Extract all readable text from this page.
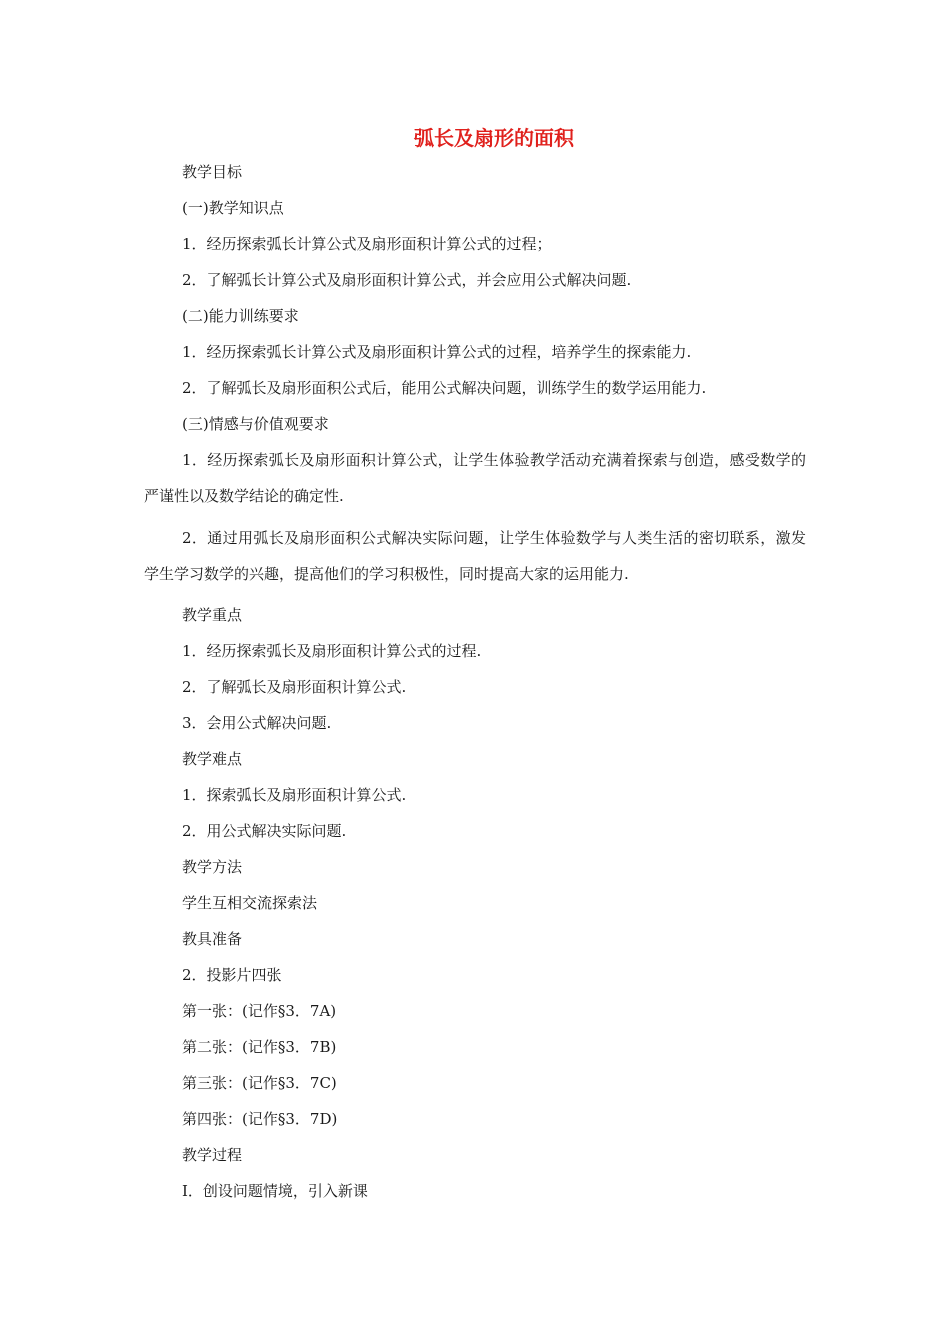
弧长及扇形的面积
教学目标
(一)教学知识点
1．经历探索弧长计算公式及扇形面积计算公式的过程；
2．了解弧长计算公式及扇形面积计算公式，并会应用公式解决问题.
(二)能力训练要求
1．经历探索弧长计算公式及扇形面积计算公式的过程，培养学生的探索能力.
2．了解弧长及扇形面积公式后，能用公式解决问题，训练学生的数学运用能力.
(三)情感与价值观要求
1．经历探索弧长及扇形面积计算公式，让学生体验教学活动充满着探索与创造，感受数学的严谨性以及数学结论的确定性.
2．通过用弧长及扇形面积公式解决实际问题，让学生体验数学与人类生活的密切联系，激发学生学习数学的兴趣，提高他们的学习积极性，同时提高大家的运用能力.
教学重点
1．经历探索弧长及扇形面积计算公式的过程.
2．了解弧长及扇形面积计算公式.
3．会用公式解决问题.
教学难点
1．探索弧长及扇形面积计算公式.
2．用公式解决实际问题.
教学方法
学生互相交流探索法
教具准备
2．投影片四张
第一张：(记作§3．7A)
第二张：(记作§3．7B)
第三张：(记作§3．7C)
第四张：(记作§3．7D)
教学过程
Ⅰ．创设问题情境，引入新课
